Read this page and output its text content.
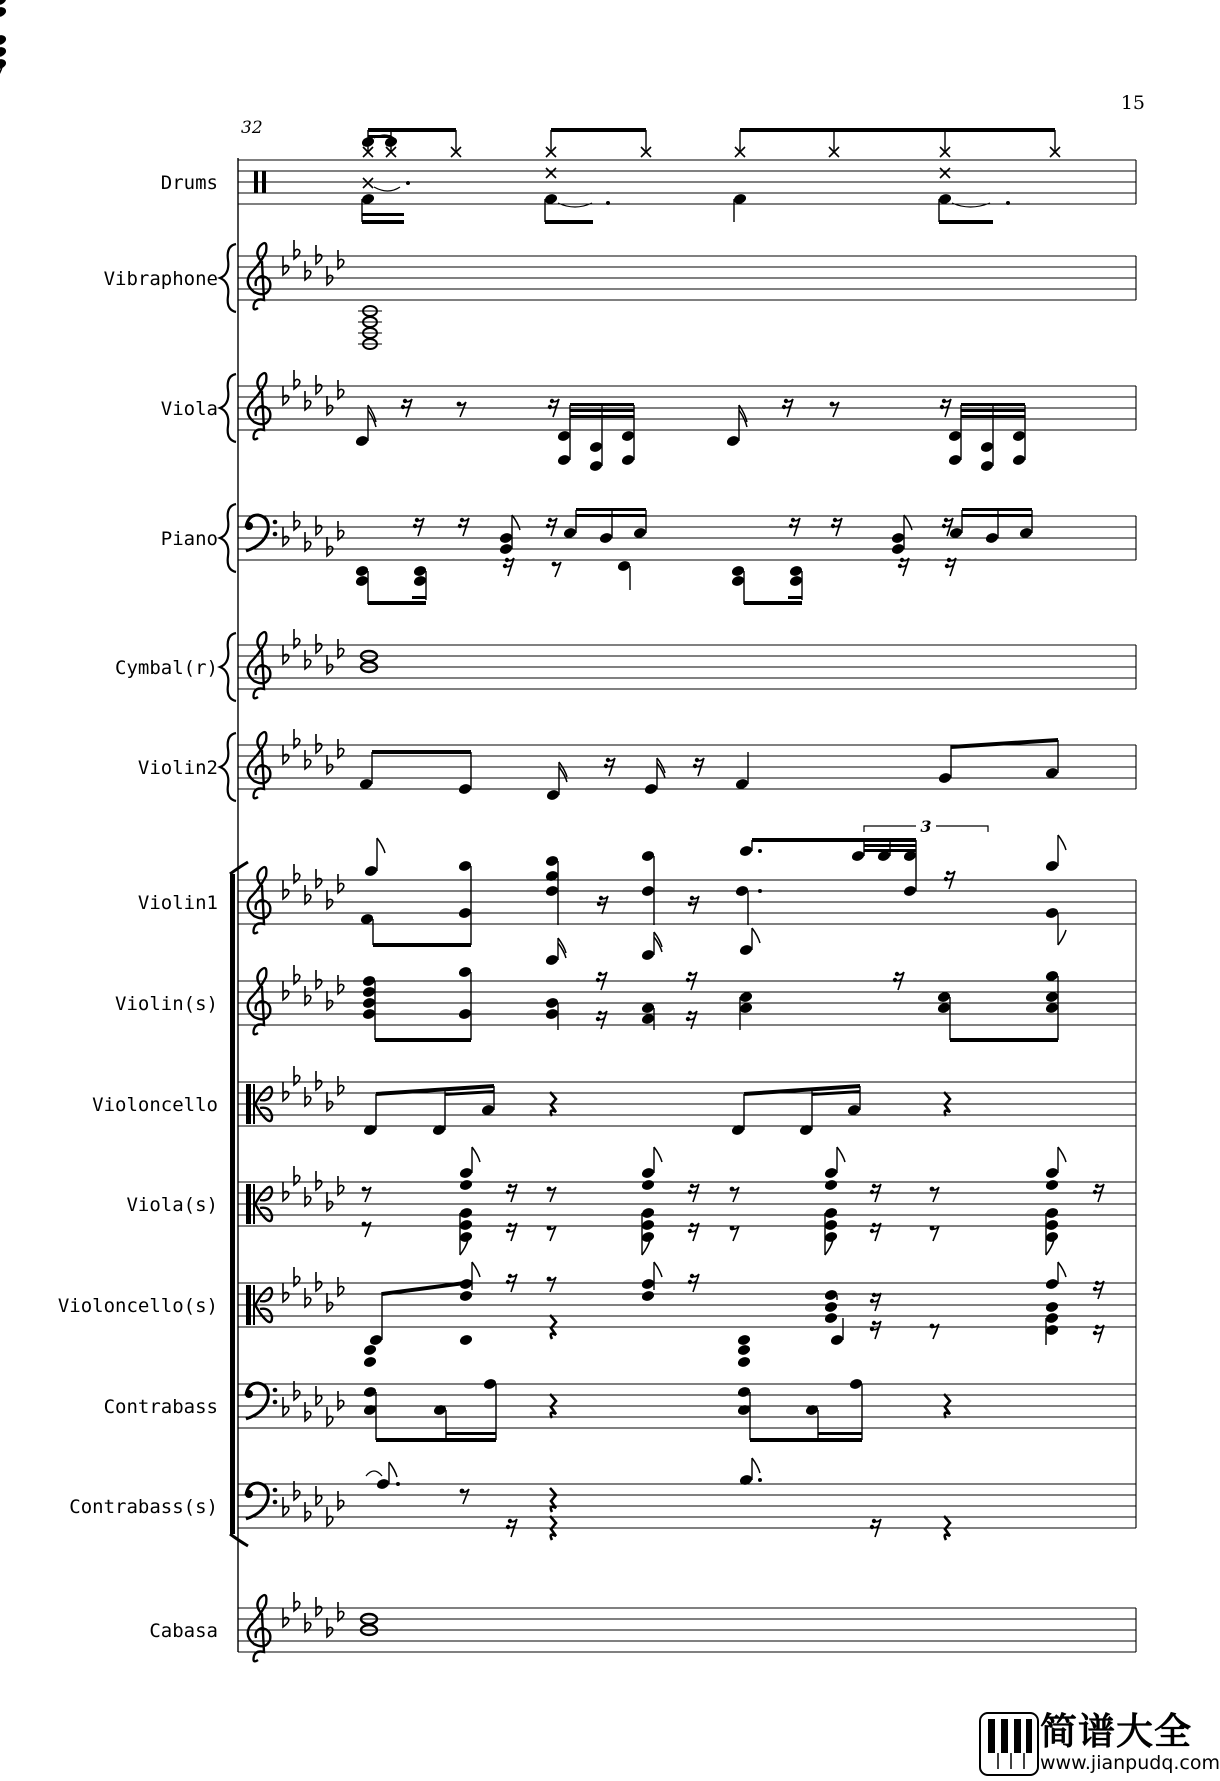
15
32
3
Drums
Vibraphone
Viola
Piano
Cymbal(r)
Violin2
Violin1
Violin(s)
Violoncello
Viola(s)
Violoncello(s)
Contrabass
Contrabass(s)
Cabasa
简谱大全
www.jianpudq.com
